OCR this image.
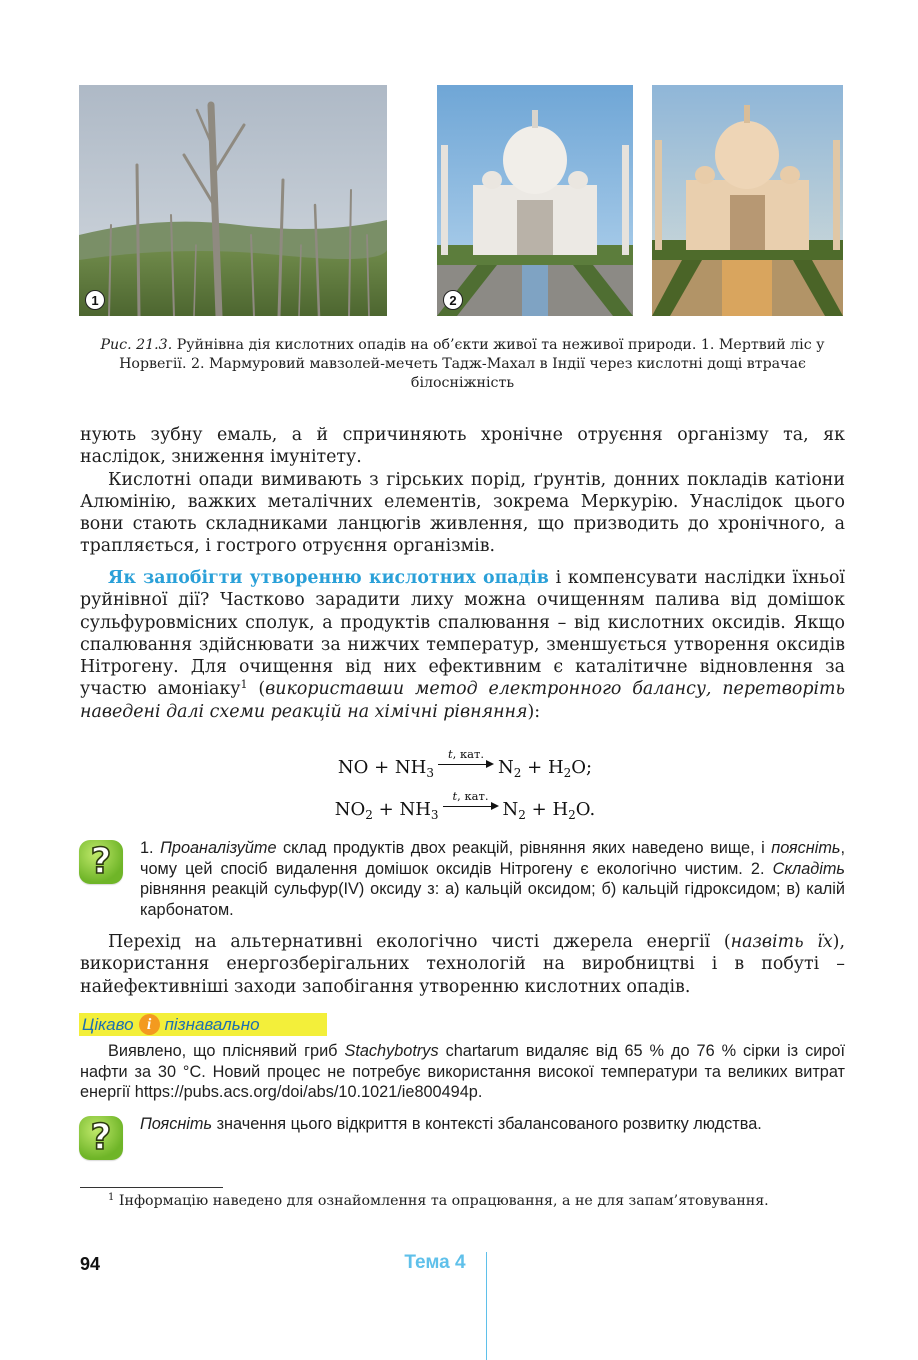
1	2
Рис. 21.3. Руйнівна дія кислотних опадів на об’єкти живої та неживої природи. 1. Мертвий ліс у Норвегії. 2. Мармуровий мавзолей-мечеть Тадж-Махал в Індії через кислотні дощі втрачає білосніжність

нують зубну емаль, а й спричиняють хронічне отруєння організму та, як наслідок, зниження імунітету.

Кислотні опади вимивають з гірських порід, ґрунтів, донних покладів катіони Алюмінію, важких металічних елементів, зокрема Меркурію. Унаслідок цього вони стають складниками ланцюгів живлення, що призводить до хронічного, а трапляється, і гострого отруєння організмів.

Як запобігти утворенню кислотних опадів і компенсувати наслідки їхньої руйнівної дії? Частково зарадити лиху можна очищенням палива від домішок сульфуровмісних сполук, а продуктів спалювання – від кислотних оксидів. Якщо спалювання здійснювати за нижчих температур, зменшується утворення оксидів Нітрогену. Для очищення від них ефективним є каталітичне відновлення за участю амоніаку$^1$ (використавши метод електронного балансу, перетворіть наведені далі схеми реакцій на хімічні рівняння):

NO + $NH_3$
t, кат.
$N_2 + H_2O$;
$NO_2 + NH_3$
t, кат.
$N_2 + H_2O$.
? 1. Проаналізуйте склад продуктів двох реакцій, рівняння яких наведено вище, і поясніть, чому цей спосіб видалення домішок оксидів Нітрогену є екологічно чистим. 2. Складіть рівняння реакцій сульфур(IV) оксиду з: а) кальцій оксидом; б) кальцій гідроксидом; в) калій карбонатом.

Перехід на альтернативні екологічно чисті джерела енергії (назвіть їх), використання енергозберігальних технологій на виробництві і в побуті – найефективніші заходи запобігання утворенню кислотних опадів.

Цікаво і пізнавально

Виявлено, що пліснявий гриб Stachybotrys chartarum видаляє від 65 % до 76 % сірки із сирої нафти за 30 °C. Новий процес не потребує використання високої температури та великих витрат енергії https://pubs.acs.org/doi/abs/10.1021/ie800494p.

? Поясніть значення цього відкриття в контексті збалансованого розвитку людства.

$^1$ Інформацію наведено для ознайомлення та опрацювання, а не для запам’ятовування.
94	Тема 4
